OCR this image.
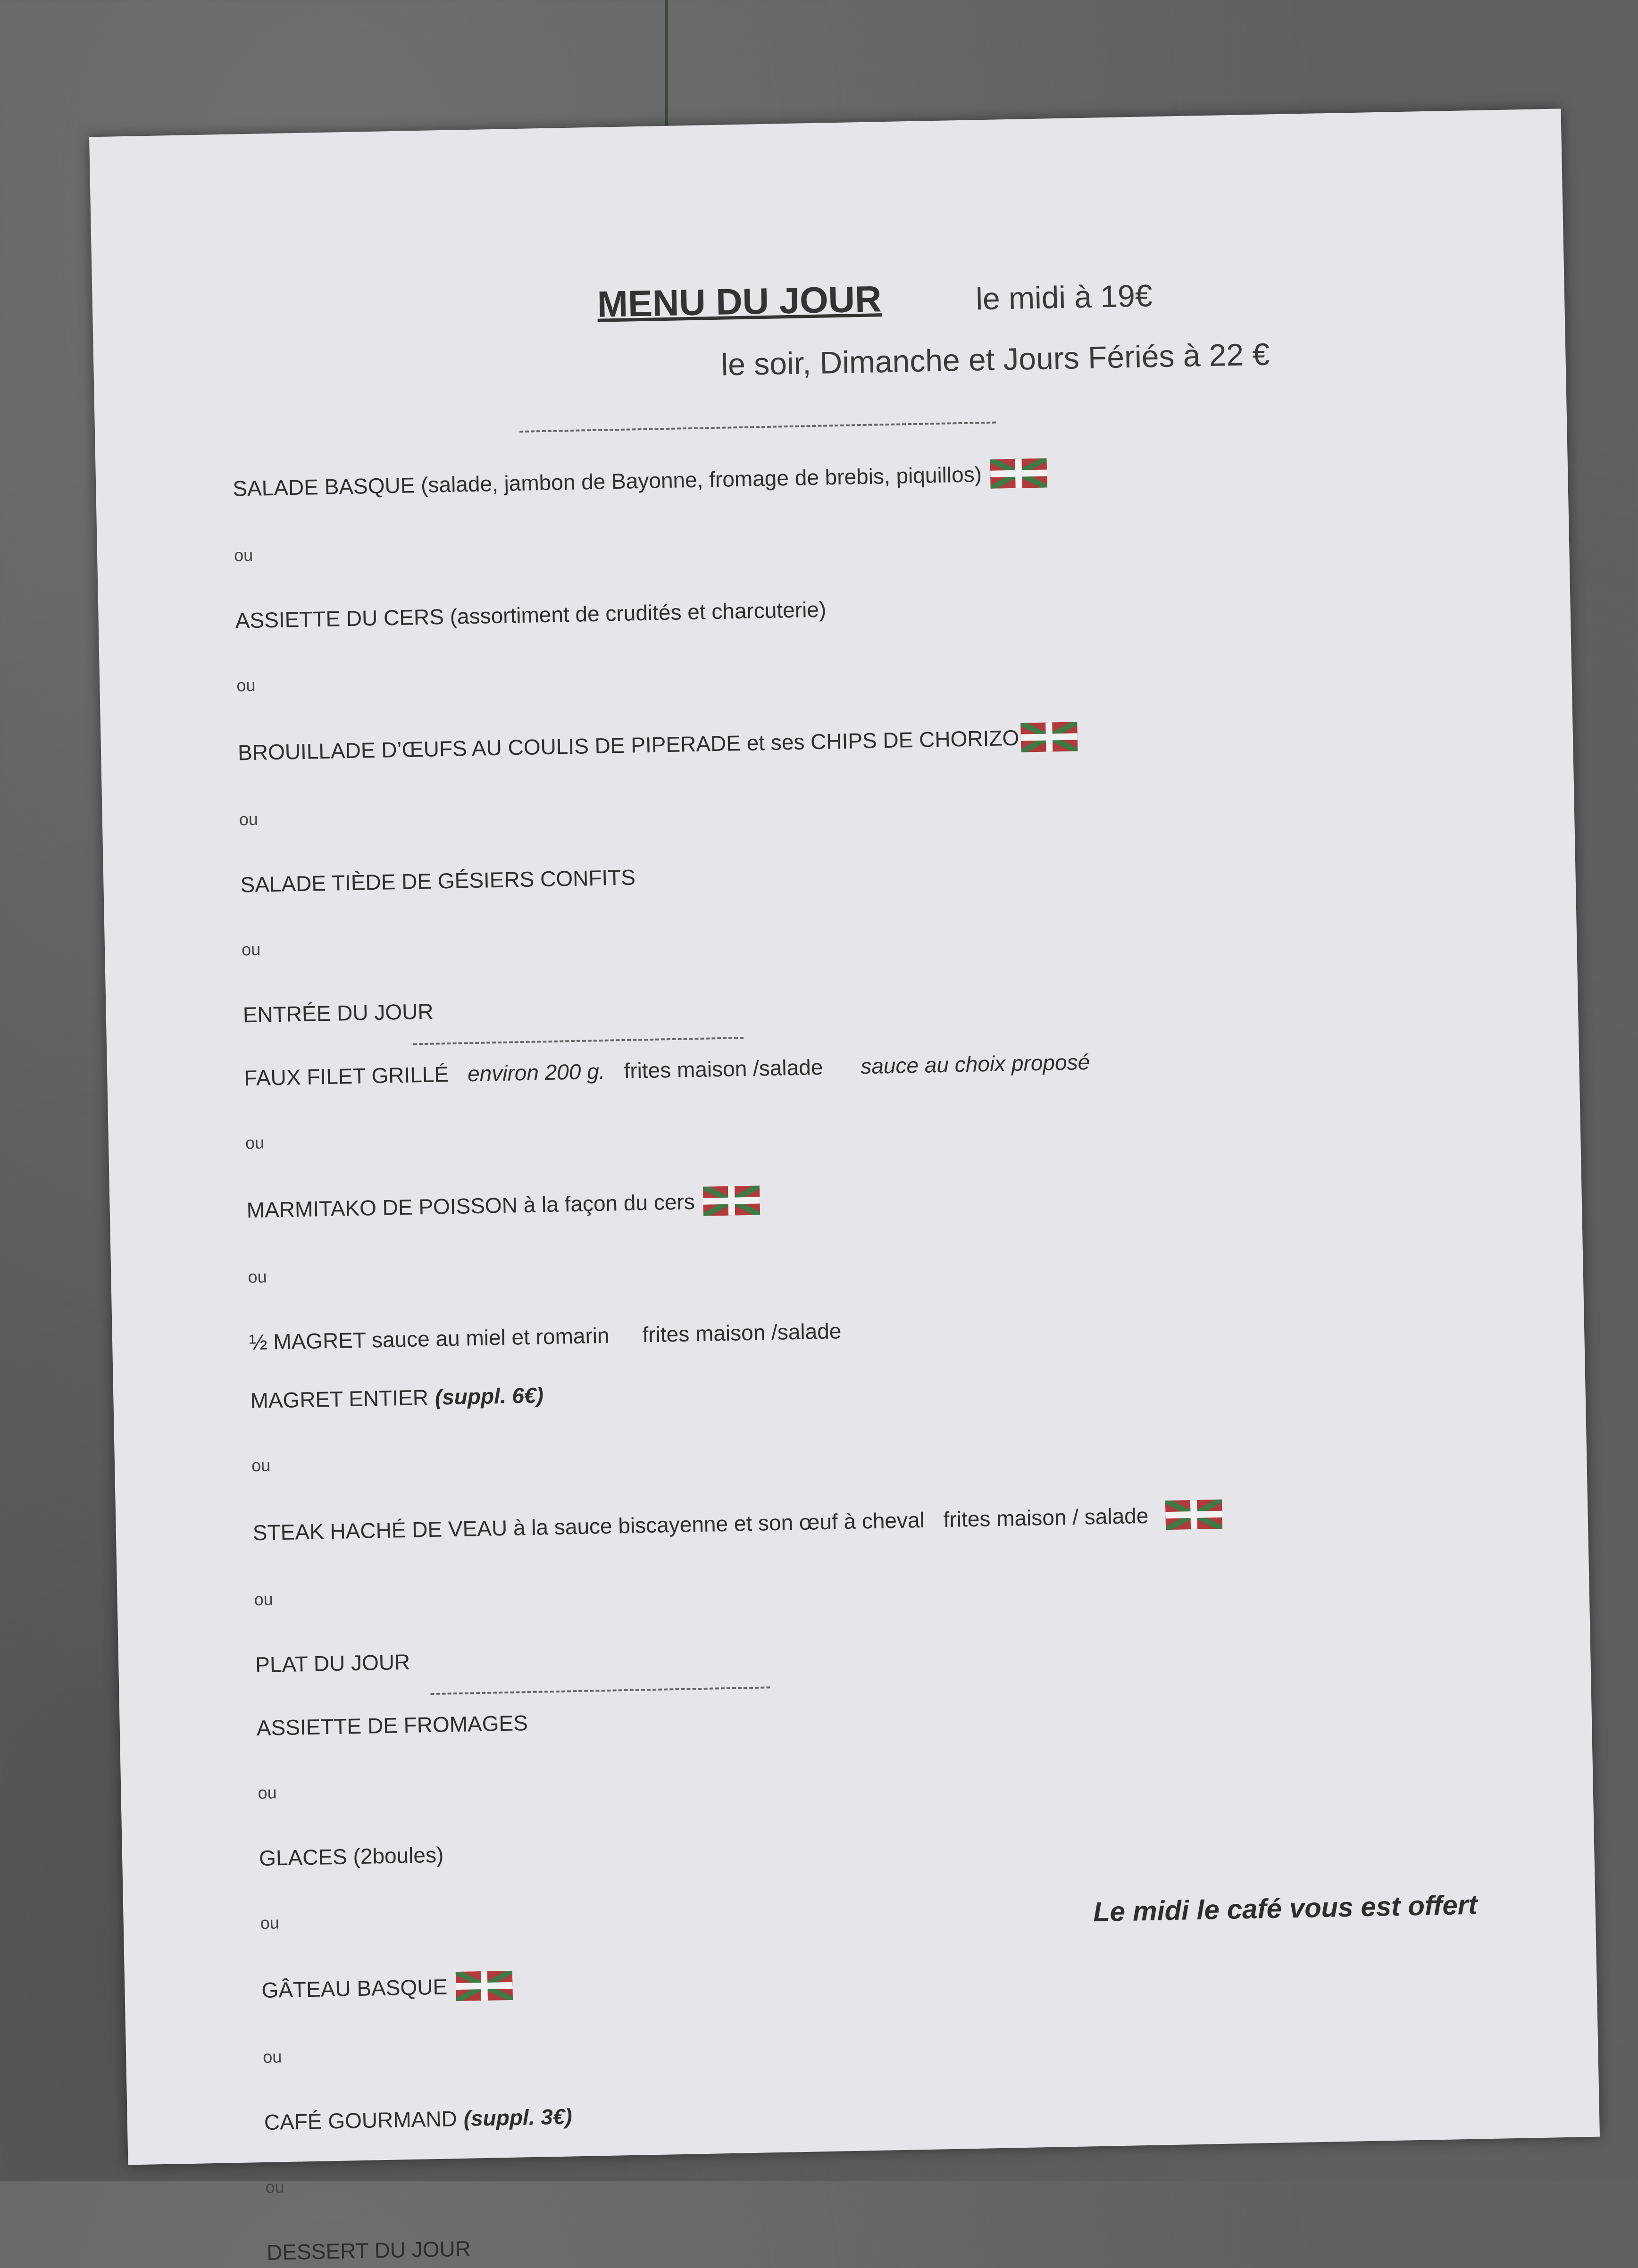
MENU DU JOUR	le midi à 19€
le soir, Dimanche et Jours Fériés à 22 €
SALADE BASQUE (salade, jambon de Bayonne, fromage de brebis, piquillos)
ou
ASSIETTE DU CERS (assortiment de crudités et charcuterie)
ou
BROUILLADE D’ŒUFS AU COULIS DE PIPERADE et ses CHIPS DE CHORIZO
ou
SALADE TIÈDE DE GÉSIERS CONFITS
ou
ENTRÉE DU JOUR
FAUX FILET GRILLÉ environ 200 g. frites maison /salade sauce au choix proposé
ou
MARMITAKO DE POISSON à la façon du cers
ou
½ MAGRET sauce au miel et romarin frites maison /salade
MAGRET ENTIER (suppl. 6€)
ou
STEAK HACHÉ DE VEAU à la sauce biscayenne et son œuf à cheval frites maison / salade
ou
PLAT DU JOUR
ASSIETTE DE FROMAGES
ou
GLACES (2boules)
ou
GÂTEAU BASQUE
ou
CAFÉ GOURMAND (suppl. 3€)
ou
DESSERT DU JOUR
Le midi le café vous est offert
